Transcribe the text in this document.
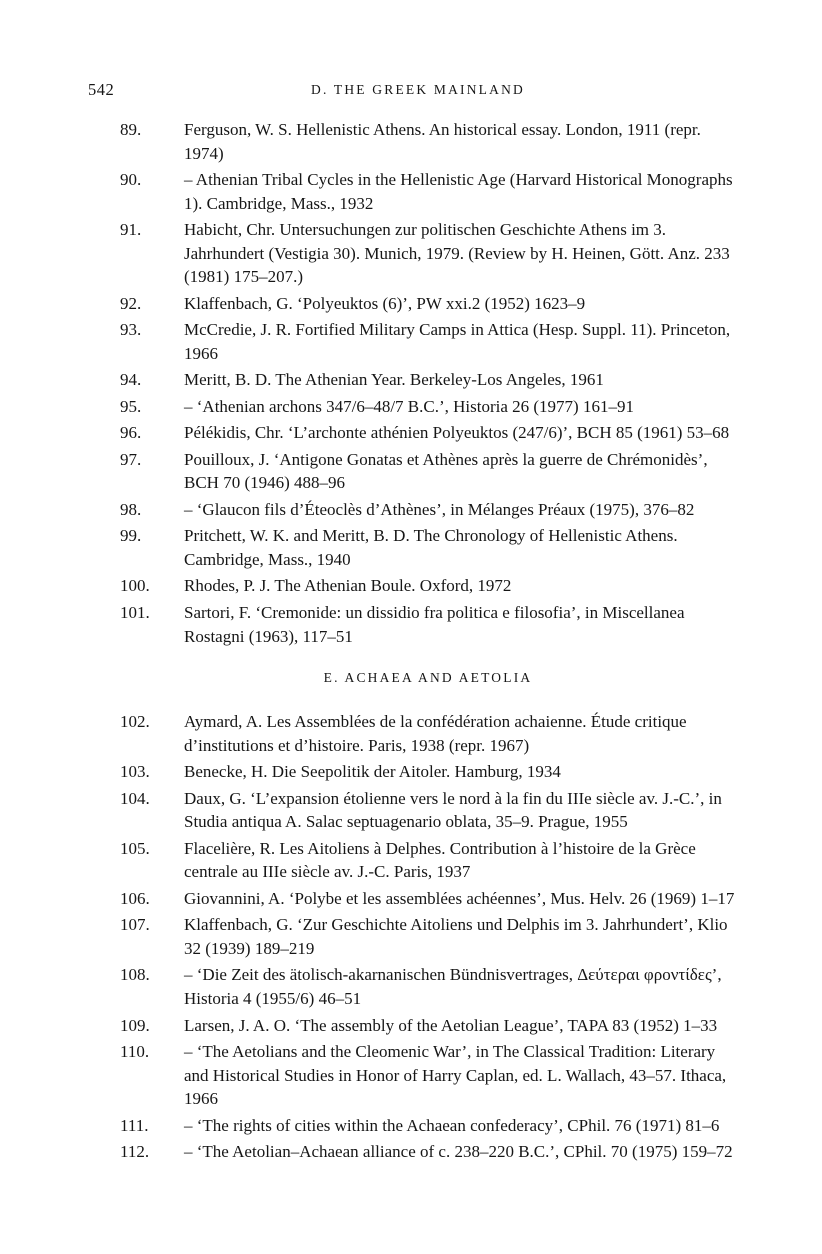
542	D. THE GREEK MAINLAND

89.	Ferguson, W. S. Hellenistic Athens. An historical essay. London, 1911 (repr. 1974)

90.	– Athenian Tribal Cycles in the Hellenistic Age (Harvard Historical Monographs 1). Cambridge, Mass., 1932

91.	Habicht, Chr. Untersuchungen zur politischen Geschichte Athens im 3. Jahrhundert (Vestigia 30). Munich, 1979. (Review by H. Heinen, Gött. Anz. 233 (1981) 175–207.)

92.	Klaffenbach, G. ‘Polyeuktos (6)’, PW xxi.2 (1952) 1623–9

93.	McCredie, J. R. Fortified Military Camps in Attica (Hesp. Suppl. 11). Princeton, 1966

94.	Meritt, B. D. The Athenian Year. Berkeley-Los Angeles, 1961

95.	– ‘Athenian archons 347/6–48/7 B.C.’, Historia 26 (1977) 161–91

96.	Pélékidis, Chr. ‘L’archonte athénien Polyeuktos (247/6)’, BCH 85 (1961) 53–68

97.	Pouilloux, J. ‘Antigone Gonatas et Athènes après la guerre de Chrémonidès’, BCH 70 (1946) 488–96

98.	– ‘Glaucon fils d’Éteoclès d’Athènes’, in Mélanges Préaux (1975), 376–82

99.	Pritchett, W. K. and Meritt, B. D. The Chronology of Hellenistic Athens. Cambridge, Mass., 1940

100. Rhodes, P. J. The Athenian Boule. Oxford, 1972

101. Sartori, F. ‘Cremonide: un dissidio fra politica e filosofia’, in Miscellanea Rostagni (1963), 117–51

E. ACHAEA AND AETOLIA

102. Aymard, A. Les Assemblées de la confédération achaienne. Étude critique d’institutions et d’histoire. Paris, 1938 (repr. 1967)

103. Benecke, H. Die Seepolitik der Aitoler. Hamburg, 1934

104. Daux, G. ‘L’expansion étolienne vers le nord à la fin du IIIe siècle av. J.-C.’, in Studia antiqua A. Salac septuagenario oblata, 35–9. Prague, 1955

105. Flacelière, R. Les Aitoliens à Delphes. Contribution à l’histoire de la Grèce centrale au IIIe siècle av. J.-C. Paris, 1937

106. Giovannini, A. ‘Polybe et les assemblées achéennes’, Mus. Helv. 26 (1969) 1–17

107. Klaffenbach, G. ‘Zur Geschichte Aitoliens und Delphis im 3. Jahrhundert’, Klio 32 (1939) 189–219

108. – ‘Die Zeit des ätolisch-akarnanischen Bündnisvertrages, Δεύτεραι φροντίδες’, Historia 4 (1955/6) 46–51

109. Larsen, J. A. O. ‘The assembly of the Aetolian League’, TAPA 83 (1952) 1–33

110. – ‘The Aetolians and the Cleomenic War’, in The Classical Tradition: Literary and Historical Studies in Honor of Harry Caplan, ed. L. Wallach, 43–57. Ithaca, 1966

111. – ‘The rights of cities within the Achaean confederacy’, CPhil. 76 (1971) 81–6

112. – ‘The Aetolian–Achaean alliance of c. 238–220 B.C.’, CPhil. 70 (1975) 159–72
